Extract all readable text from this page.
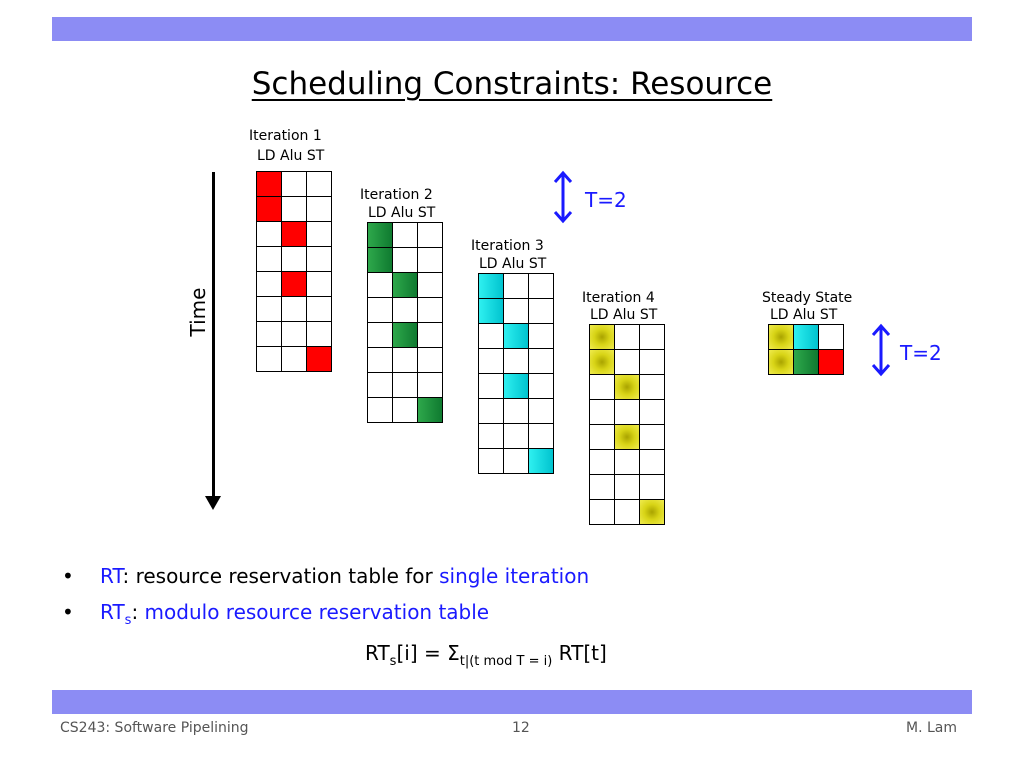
Scheduling Constraints: Resource
Iteration 1
LD Alu ST
Iteration 2
LD Alu ST
Iteration 3
LD Alu ST
Iteration 4
LD Alu ST
Steady State
LD Alu ST
Time
T=2
T=2
• RT: resource reservation table for single iteration
• $RT_s$: modulo resource reservation table
$RT_s[i] = \Sigma_{t|(t mod T = i)}$ RT[t]
CS243: Software Pipelining	12	M. Lam
